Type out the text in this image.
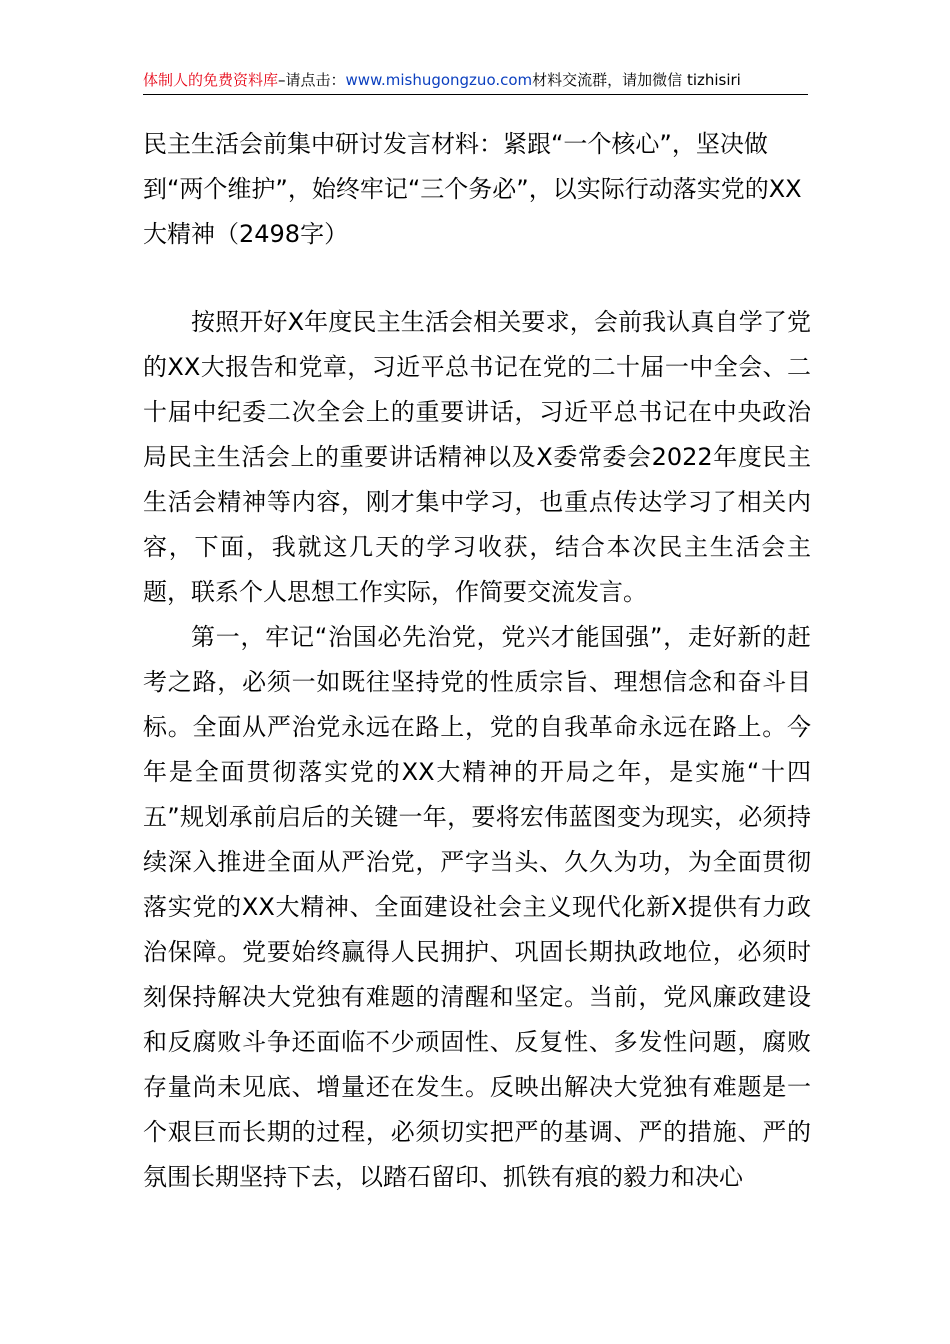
体制人的免费资料库–请点击：www.mishugongzuo.com材料交流群，请加微信 tizhisiri
民主生活会前集中研讨发言材料：紧跟“一个核心”，坚决做到“两个维护”，始终牢记“三个务必”，以实际行动落实党的XX大精神（2498字）

按照开好X年度民主生活会相关要求，会前我认真自学了党的XX大报告和党章，习近平总书记在党的二十届一中全会、二十届中纪委二次全会上的重要讲话，习近平总书记在中央政治局民主生活会上的重要讲话精神以及X委常委会2022年度民主生活会精神等内容，刚才集中学习，也重点传达学习了相关内容，下面，我就这几天的学习收获，结合本次民主生活会主题，联系个人思想工作实际，作简要交流发言。

第一，牢记“治国必先治党，党兴才能国强”，走好新的赶考之路，必须一如既往坚持党的性质宗旨、理想信念和奋斗目标。全面从严治党永远在路上，党的自我革命永远在路上。今年是全面贯彻落实党的XX大精神的开局之年，是实施“十四五”规划承前启后的关键一年，要将宏伟蓝图变为现实，必须持续深入推进全面从严治党，严字当头、久久为功，为全面贯彻落实党的XX大精神、全面建设社会主义现代化新X提供有力政治保障。党要始终赢得人民拥护、巩固长期执政地位，必须时刻保持解决大党独有难题的清醒和坚定。当前，党风廉政建设和反腐败斗争还面临不少顽固性、反复性、多发性问题，腐败存量尚未见底、增量还在发生。反映出解决大党独有难题是一个艰巨而长期的过程，必须切实把严的基调、严的措施、严的氛围长期坚持下去，以踏石留印、抓铁有痕的毅力和决心
